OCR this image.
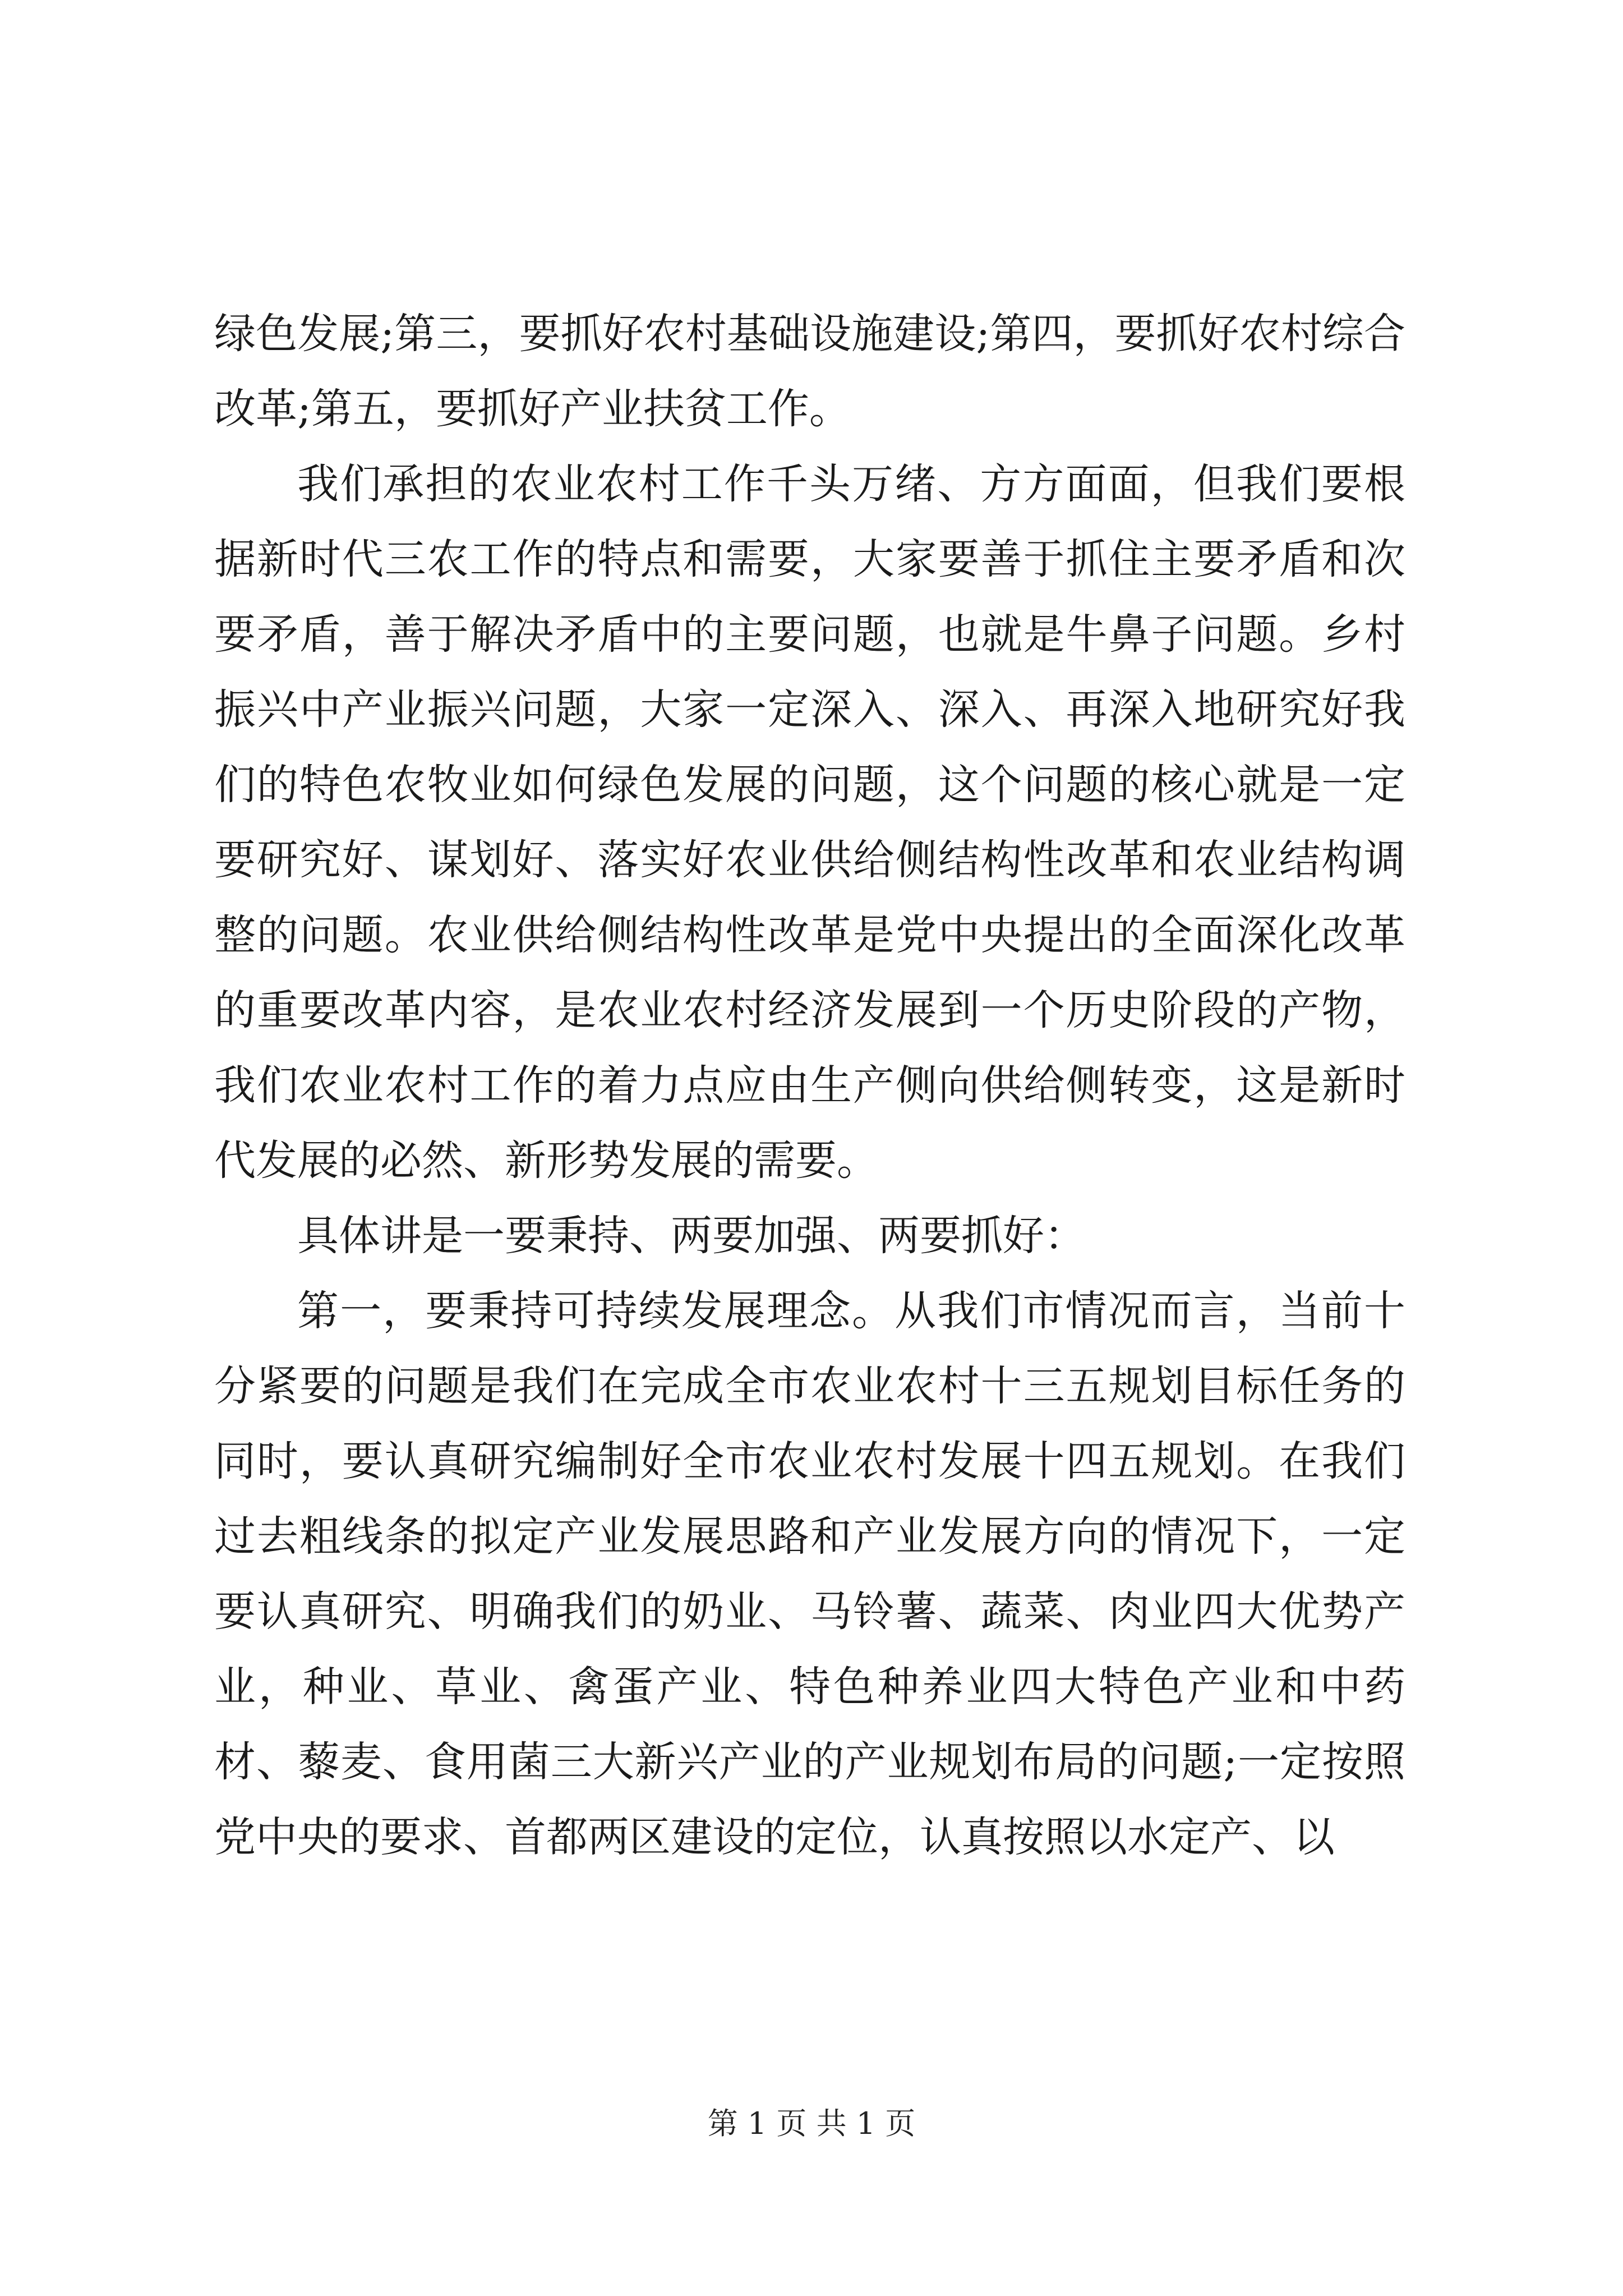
绿色发展;第三，要抓好农村基础设施建设;第四，要抓好农村综合改革;第五，要抓好产业扶贫工作。

我们承担的农业农村工作千头万绪、方方面面，但我们要根据新时代三农工作的特点和需要，大家要善于抓住主要矛盾和次要矛盾，善于解决矛盾中的主要问题，也就是牛鼻子问题。乡村振兴中产业振兴问题，大家一定深入、深入、再深入地研究好我们的特色农牧业如何绿色发展的问题，这个问题的核心就是一定要研究好、谋划好、落实好农业供给侧结构性改革和农业结构调整的问题。农业供给侧结构性改革是党中央提出的全面深化改革的重要改革内容，是农业农村经济发展到一个历史阶段的产物，我们农业农村工作的着力点应由生产侧向供给侧转变，这是新时代发展的必然、新形势发展的需要。

具体讲是一要秉持、两要加强、两要抓好：

第一，要秉持可持续发展理念。从我们市情况而言，当前十分紧要的问题是我们在完成全市农业农村十三五规划目标任务的同时，要认真研究编制好全市农业农村发展十四五规划。在我们过去粗线条的拟定产业发展思路和产业发展方向的情况下，一定要认真研究、明确我们的奶业、马铃薯、蔬菜、肉业四大优势产业，种业、草业、禽蛋产业、特色种养业四大特色产业和中药材、藜麦、食用菌三大新兴产业的产业规划布局的问题;一定按照党中央的要求、首都两区建设的定位，认真按照以水定产、以

第 1 页 共 1 页
